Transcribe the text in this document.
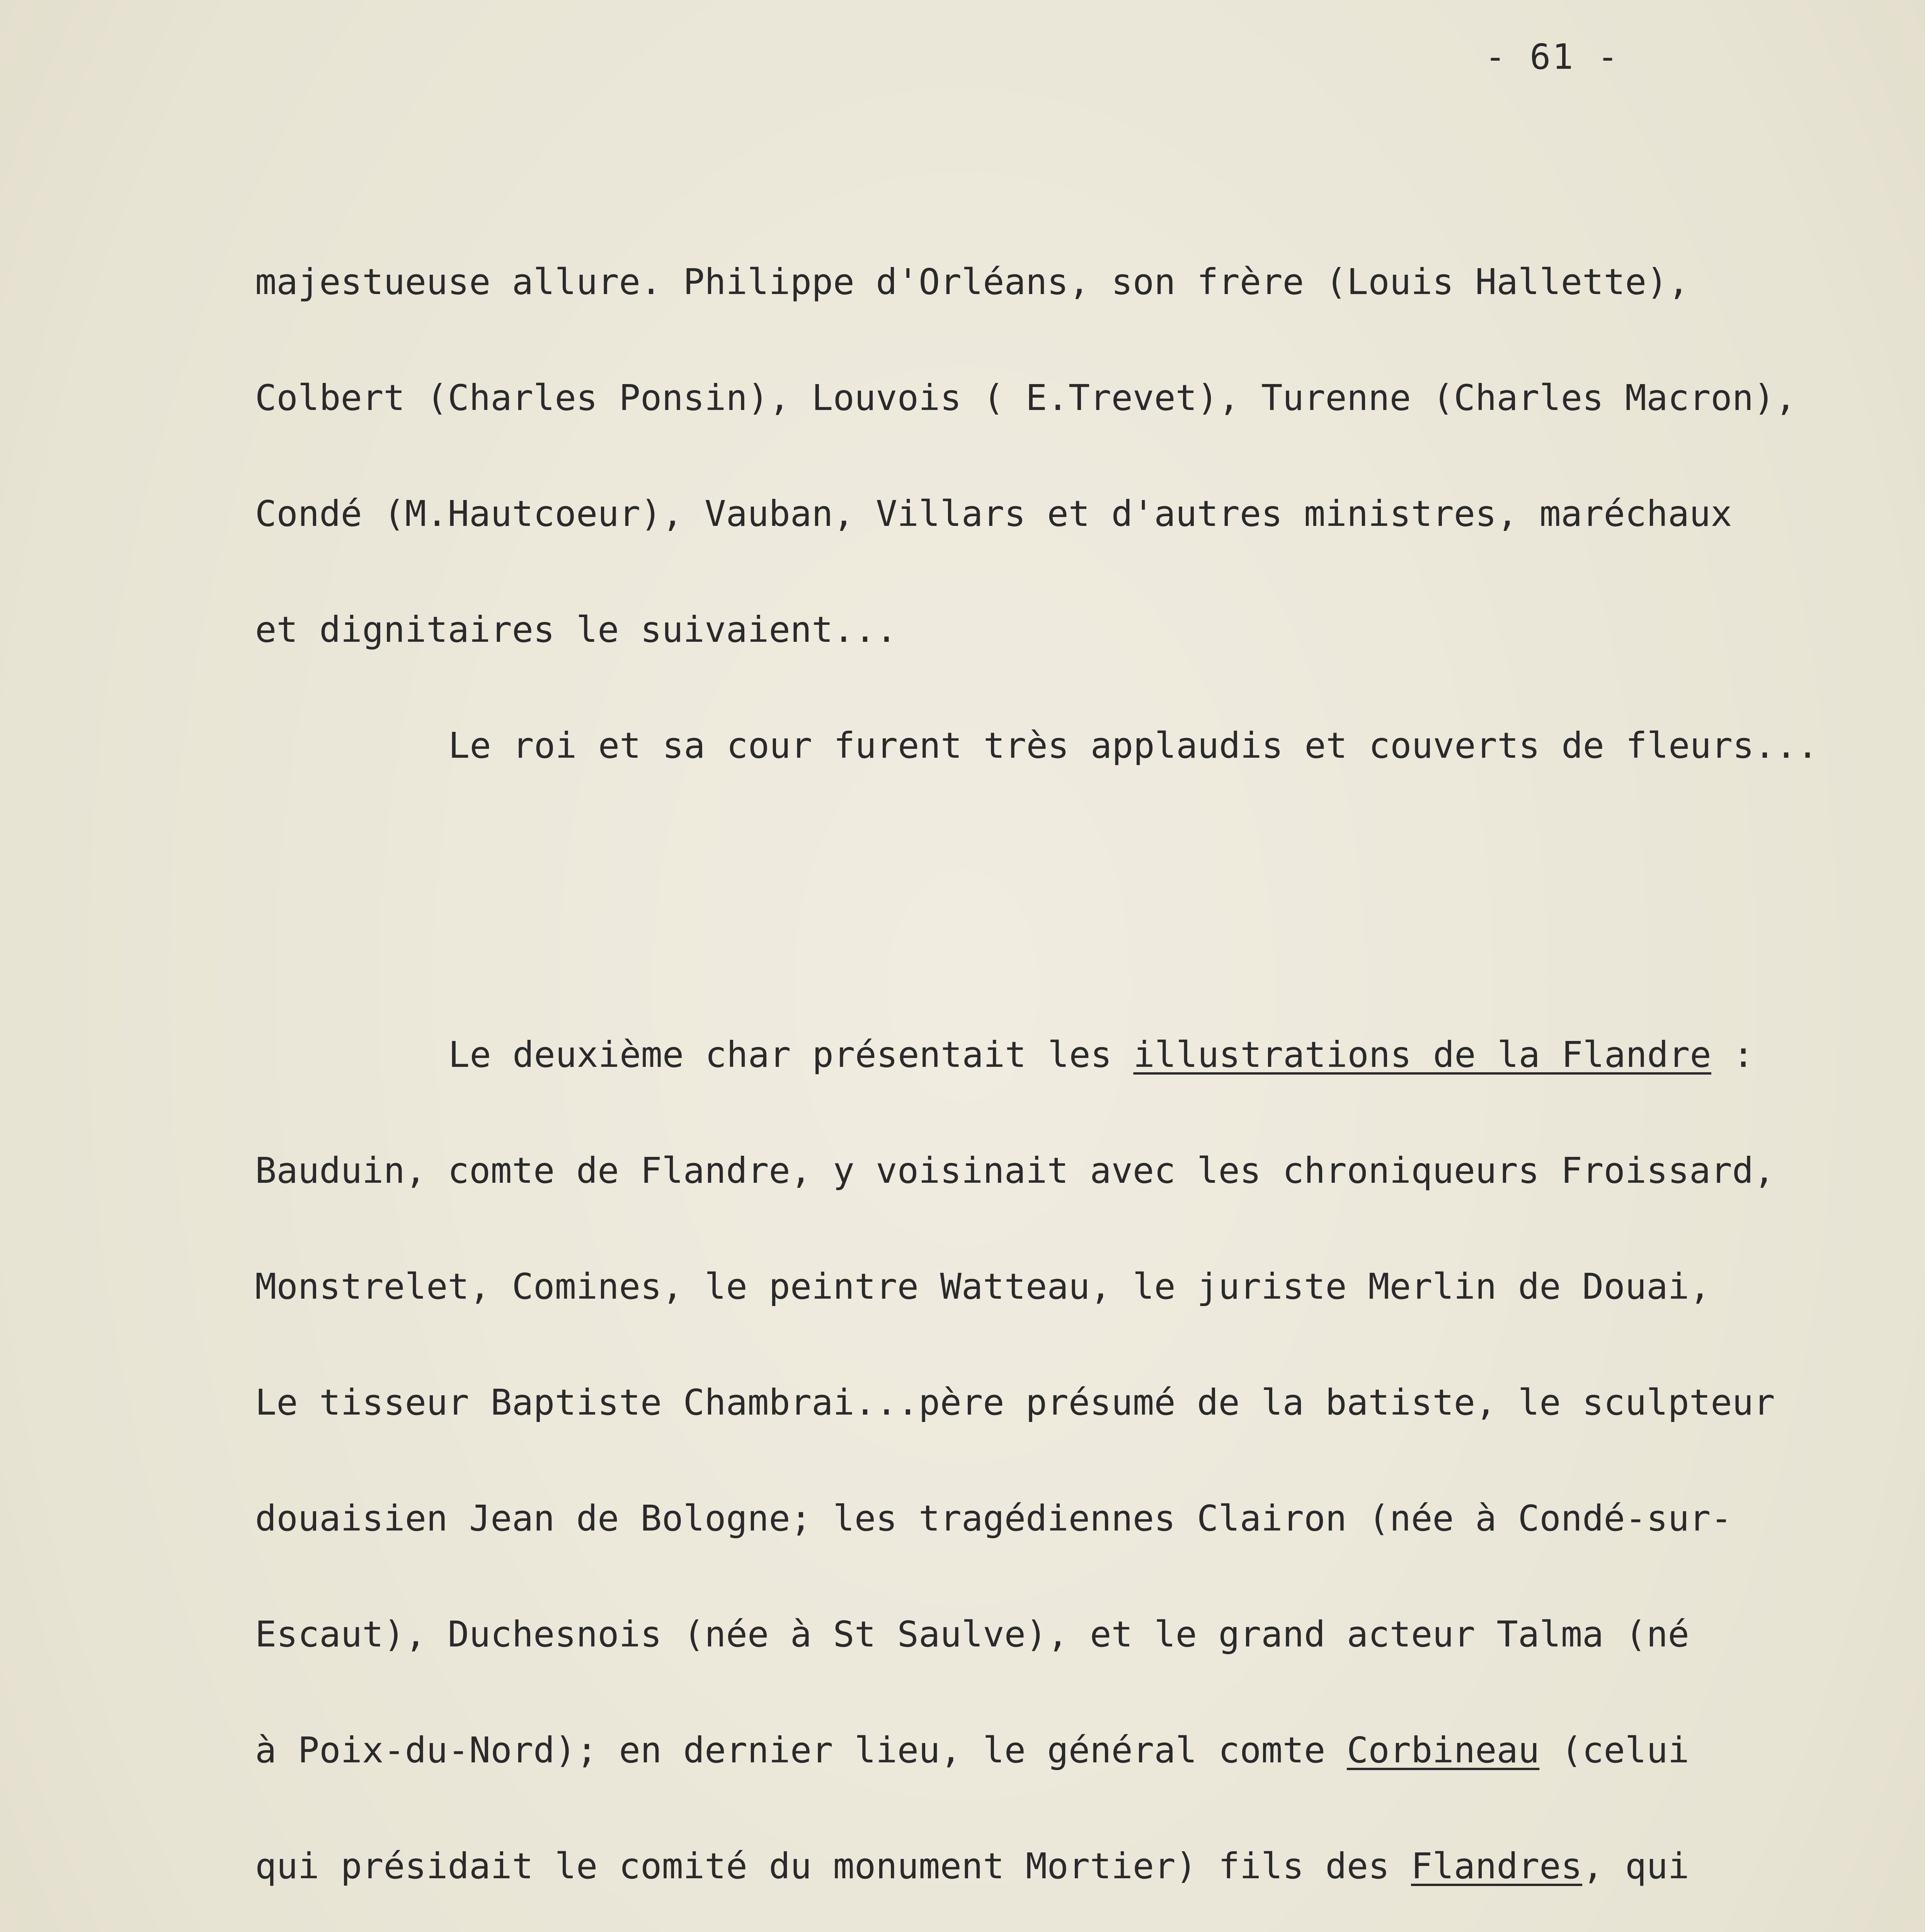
- 61 -

majestueuse allure. Philippe d'Orléans, son frère (Louis Hallette),

Colbert (Charles Ponsin), Louvois ( E.Trevet), Turenne (Charles Macron),

Condé (M.Hautcoeur), Vauban, Villars et d'autres ministres, maréchaux

et dignitaires le suivaient...

Le roi et sa cour furent très applaudis et couverts de fleurs...

Le deuxième char présentait les illustrations de la Flandre :

Bauduin, comte de Flandre, y voisinait avec les chroniqueurs Froissard,

Monstrelet, Comines, le peintre Watteau, le juriste Merlin de Douai,

Le tisseur Baptiste Chambrai...père présumé de la batiste, le sculpteur

douaisien Jean de Bologne; les tragédiennes Clairon (née à Condé-sur-

Escaut), Duchesnois (née à St Saulve), et le grand acteur Talma (né

à Poix-du-Nord); en dernier lieu, le général comte Corbineau (celui

qui présidait le comité du monument Mortier) fils des Flandres, qui
